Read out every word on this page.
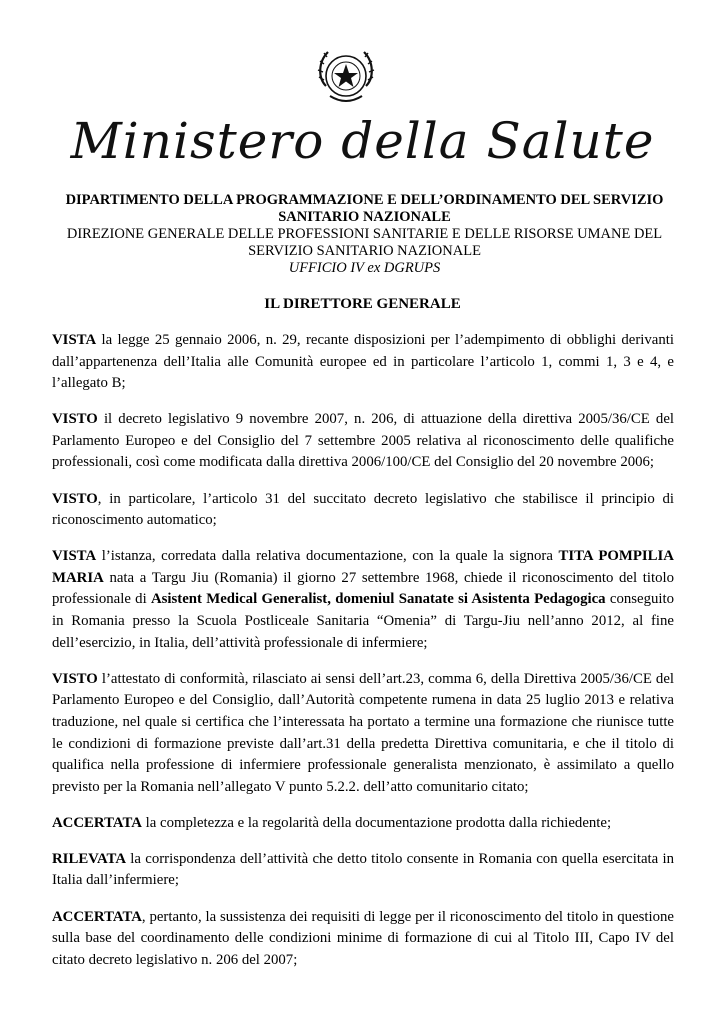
Ministero della Salute
DIPARTIMENTO DELLA PROGRAMMAZIONE E DELL’ORDINAMENTO DEL SERVIZIO SANITARIO NAZIONALE
DIREZIONE GENERALE DELLE PROFESSIONI SANITARIE E DELLE RISORSE UMANE DEL SERVIZIO SANITARIO NAZIONALE
UFFICIO IV ex DGRUPS
IL DIRETTORE GENERALE

VISTA la legge 25 gennaio 2006, n. 29, recante disposizioni per l’adempimento di obblighi derivanti dall’appartenenza dell’Italia alle Comunità europee ed in particolare l’articolo 1, commi 1, 3 e 4, e l’allegato B;

VISTO il decreto legislativo 9 novembre 2007, n. 206, di attuazione della direttiva 2005/36/CE del Parlamento Europeo e del Consiglio del 7 settembre 2005 relativa al riconoscimento delle qualifiche professionali, così come modificata dalla direttiva 2006/100/CE del Consiglio del 20 novembre 2006;

VISTO, in particolare, l’articolo 31 del succitato decreto legislativo che stabilisce il principio di riconoscimento automatico;

VISTA l’istanza, corredata dalla relativa documentazione, con la quale la signora TITA POMPILIA MARIA nata a Targu Jiu (Romania) il giorno 27 settembre 1968, chiede il riconoscimento del titolo professionale di Asistent Medical Generalist, domeniul Sanatate si Asistenta Pedagogica conseguito in Romania presso la Scuola Postliceale Sanitaria “Omenia” di Targu-Jiu nell’anno 2012, al fine dell’esercizio, in Italia, dell’attività professionale di infermiere;

VISTO l’attestato di conformità, rilasciato ai sensi dell’art.23, comma 6, della Direttiva 2005/36/CE del Parlamento Europeo e del Consiglio, dall’Autorità competente rumena in data 25 luglio 2013 e relativa traduzione, nel quale si certifica che l’interessata ha portato a termine una formazione che riunisce tutte le condizioni di formazione previste dall’art.31 della predetta Direttiva comunitaria, e che il titolo di qualifica nella professione di infermiere professionale generalista menzionato, è assimilato a quello previsto per la Romania nell’allegato V punto 5.2.2. dell’atto comunitario citato;

ACCERTATA la completezza e la regolarità della documentazione prodotta dalla richiedente;

RILEVATA la corrispondenza dell’attività che detto titolo consente in Romania con quella esercitata in Italia dall’infermiere;

ACCERTATA, pertanto, la sussistenza dei requisiti di legge per il riconoscimento del titolo in questione sulla base del coordinamento delle condizioni minime di formazione di cui al Titolo III, Capo IV del citato decreto legislativo n. 206 del 2007;
